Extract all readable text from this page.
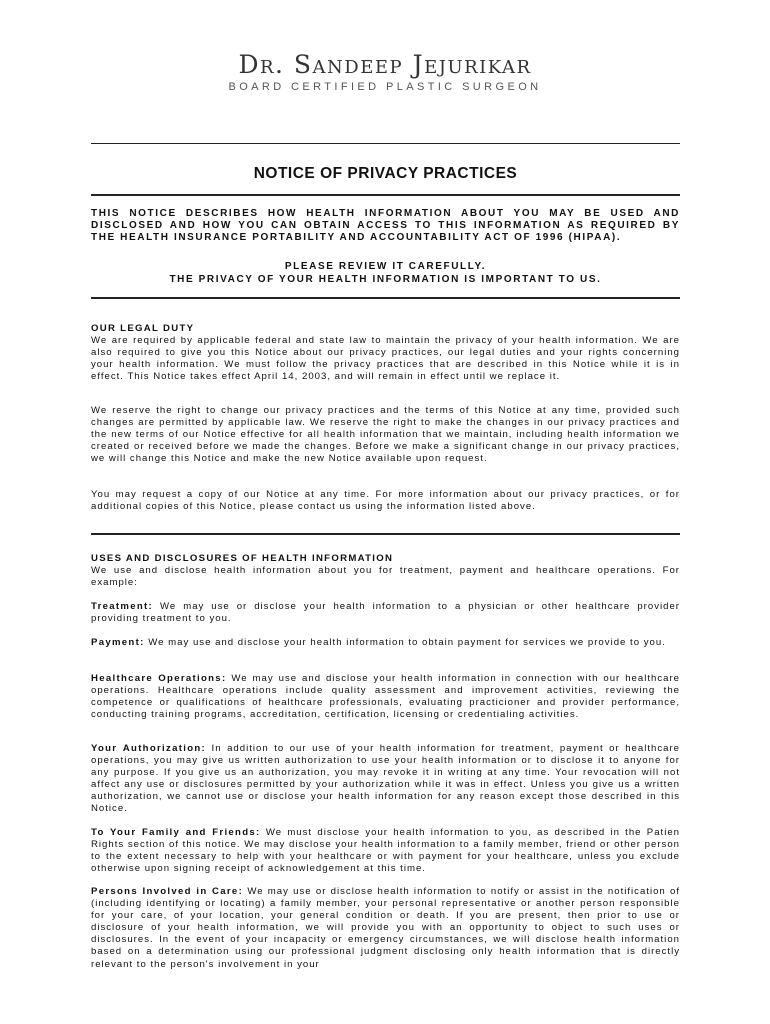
Dr. Sandeep Jejurikar
BOARD CERTIFIED PLASTIC SURGEON
NOTICE OF PRIVACY PRACTICES

THIS NOTICE DESCRIBES HOW HEALTH INFORMATION ABOUT YOU MAY BE USED AND DISCLOSED AND HOW YOU CAN OBTAIN ACCESS TO THIS INFORMATION AS REQUIRED BY THE HEALTH INSURANCE PORTABILITY AND ACCOUNTABILITY ACT OF 1996 (HIPAA).

PLEASE REVIEW IT CAREFULLY.

THE PRIVACY OF YOUR HEALTH INFORMATION IS IMPORTANT TO US.

OUR LEGAL DUTY

We are required by applicable federal and state law to maintain the privacy of your health information. We are also required to give you this Notice about our privacy practices, our legal duties and your rights concerning your health information. We must follow the privacy practices that are described in this Notice while it is in effect. This Notice takes effect April 14, 2003, and will remain in effect until we replace it.

We reserve the right to change our privacy practices and the terms of this Notice at any time, provided such changes are permitted by applicable law. We reserve the right to make the changes in our privacy practices and the new terms of our Notice effective for all health information that we maintain, including health information we created or received before we made the changes. Before we make a significant change in our privacy practices, we will change this Notice and make the new Notice available upon request.

You may request a copy of our Notice at any time. For more information about our privacy practices, or for additional copies of this Notice, please contact us using the information listed above.

USES AND DISCLOSURES OF HEALTH INFORMATION

We use and disclose health information about you for treatment, payment and healthcare operations. For example:

Treatment: We may use or disclose your health information to a physician or other healthcare provider providing treatment to you.

Payment: We may use and disclose your health information to obtain payment for services we provide to you.

Healthcare Operations: We may use and disclose your health information in connection with our healthcare operations. Healthcare operations include quality assessment and improvement activities, reviewing the competence or qualifications of healthcare professionals, evaluating practicioner and provider performance, conducting training programs, accreditation, certification, licensing or credentialing activities.

Your Authorization: In addition to our use of your health information for treatment, payment or healthcare operations, you may give us written authorization to use your health information or to disclose it to anyone for any purpose. If you give us an authorization, you may revoke it in writing at any time. Your revocation will not affect any use or disclosures permitted by your authorization while it was in effect. Unless you give us a written authorization, we cannot use or disclose your health information for any reason except those described in this Notice.

To Your Family and Friends: We must disclose your health information to you, as described in the Patien Rights section of this notice. We may disclose your health information to a family member, friend or other person to the extent necessary to help with your healthcare or with payment for your healthcare, unless you exclude otherwise upon signing receipt of acknowledgement at this time.

Persons Involved in Care: We may use or disclose health information to notify or assist in the notification of (including identifying or locating) a family member, your personal representative or another person responsible for your care, of your location, your general condition or death. If you are present, then prior to use or disclosure of your health information, we will provide you with an opportunity to object to such uses or disclosures. In the event of your incapacity or emergency circumstances, we will disclose health information based on a determination using our professional judgment disclosing only health information that is directly relevant to the person's involvement in your
